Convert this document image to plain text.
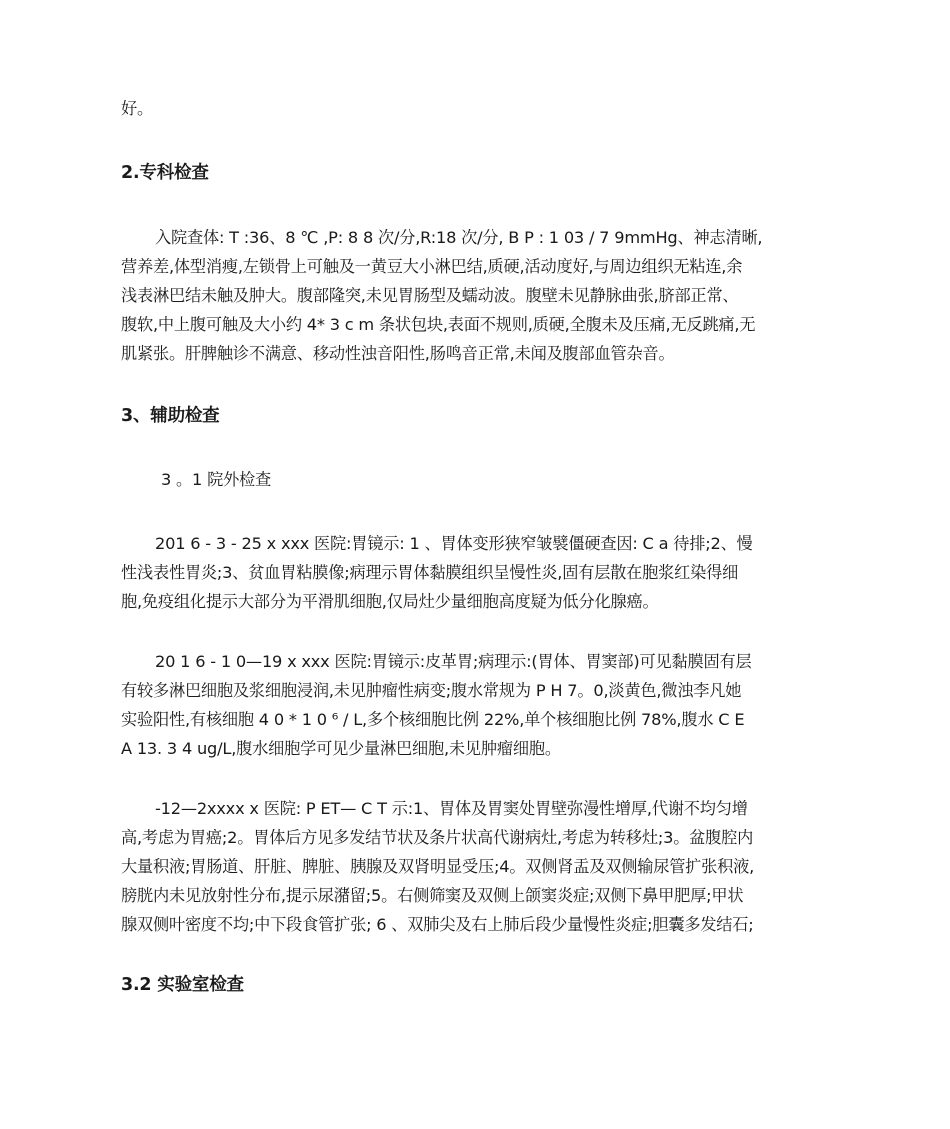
好。
2.专科检查
入院查体: T :36、8 ℃ ,P: 8 8 次/分,R:18 次/分, B P : 1 03 / 7 9mmHg、神志清晰,
营养差,体型消瘦,左锁骨上可触及一黄豆大小淋巴结,质硬,活动度好,与周边组织无粘连,余
浅表淋巴结未触及肿大。腹部隆突,未见胃肠型及蠕动波。腹壁未见静脉曲张,脐部正常、
腹软,中上腹可触及大小约 4* 3 c m 条状包块,表面不规则,质硬,全腹未及压痛,无反跳痛,无
肌紧张。肝脾触诊不满意、移动性浊音阳性,肠鸣音正常,未闻及腹部血管杂音。
3、辅助检查
3 。1 院外检查
201 6 - 3 - 25 x xxx 医院:胃镜示: 1 、胃体变形狭窄皱襞僵硬查因: C a 待排;2、慢
性浅表性胃炎;3、贫血胃粘膜像;病理示胃体黏膜组织呈慢性炎,固有层散在胞浆红染得细
胞,免疫组化提示大部分为平滑肌细胞,仅局灶少量细胞高度疑为低分化腺癌。
20 1 6 - 1 0—19 x xxx 医院:胃镜示:皮革胃;病理示:(胃体、胃窦部)可见黏膜固有层
有较多淋巴细胞及浆细胞浸润,未见肿瘤性病变;腹水常规为 P H 7。0,淡黄色,微浊李凡她
实验阳性,有核细胞 4 0 * 1 0 ⁶ / L,多个核细胞比例 22%,单个核细胞比例 78%,腹水 C E
A 13. 3 4 ug/L,腹水细胞学可见少量淋巴细胞,未见肿瘤细胞。
-12—2xxxx x 医院: P ET— C T 示:1、胃体及胃窦处胃壁弥漫性增厚,代谢不均匀增
高,考虑为胃癌;2。胃体后方见多发结节状及条片状高代谢病灶,考虑为转移灶;3。盆腹腔内
大量积液;胃肠道、肝脏、脾脏、胰腺及双肾明显受压;4。双侧肾盂及双侧输尿管扩张积液,
膀胱内未见放射性分布,提示尿潴留;5。右侧筛窦及双侧上颌窦炎症;双侧下鼻甲肥厚;甲状
腺双侧叶密度不均;中下段食管扩张; 6 、双肺尖及右上肺后段少量慢性炎症;胆囊多发结石;
3.2 实验室检查
